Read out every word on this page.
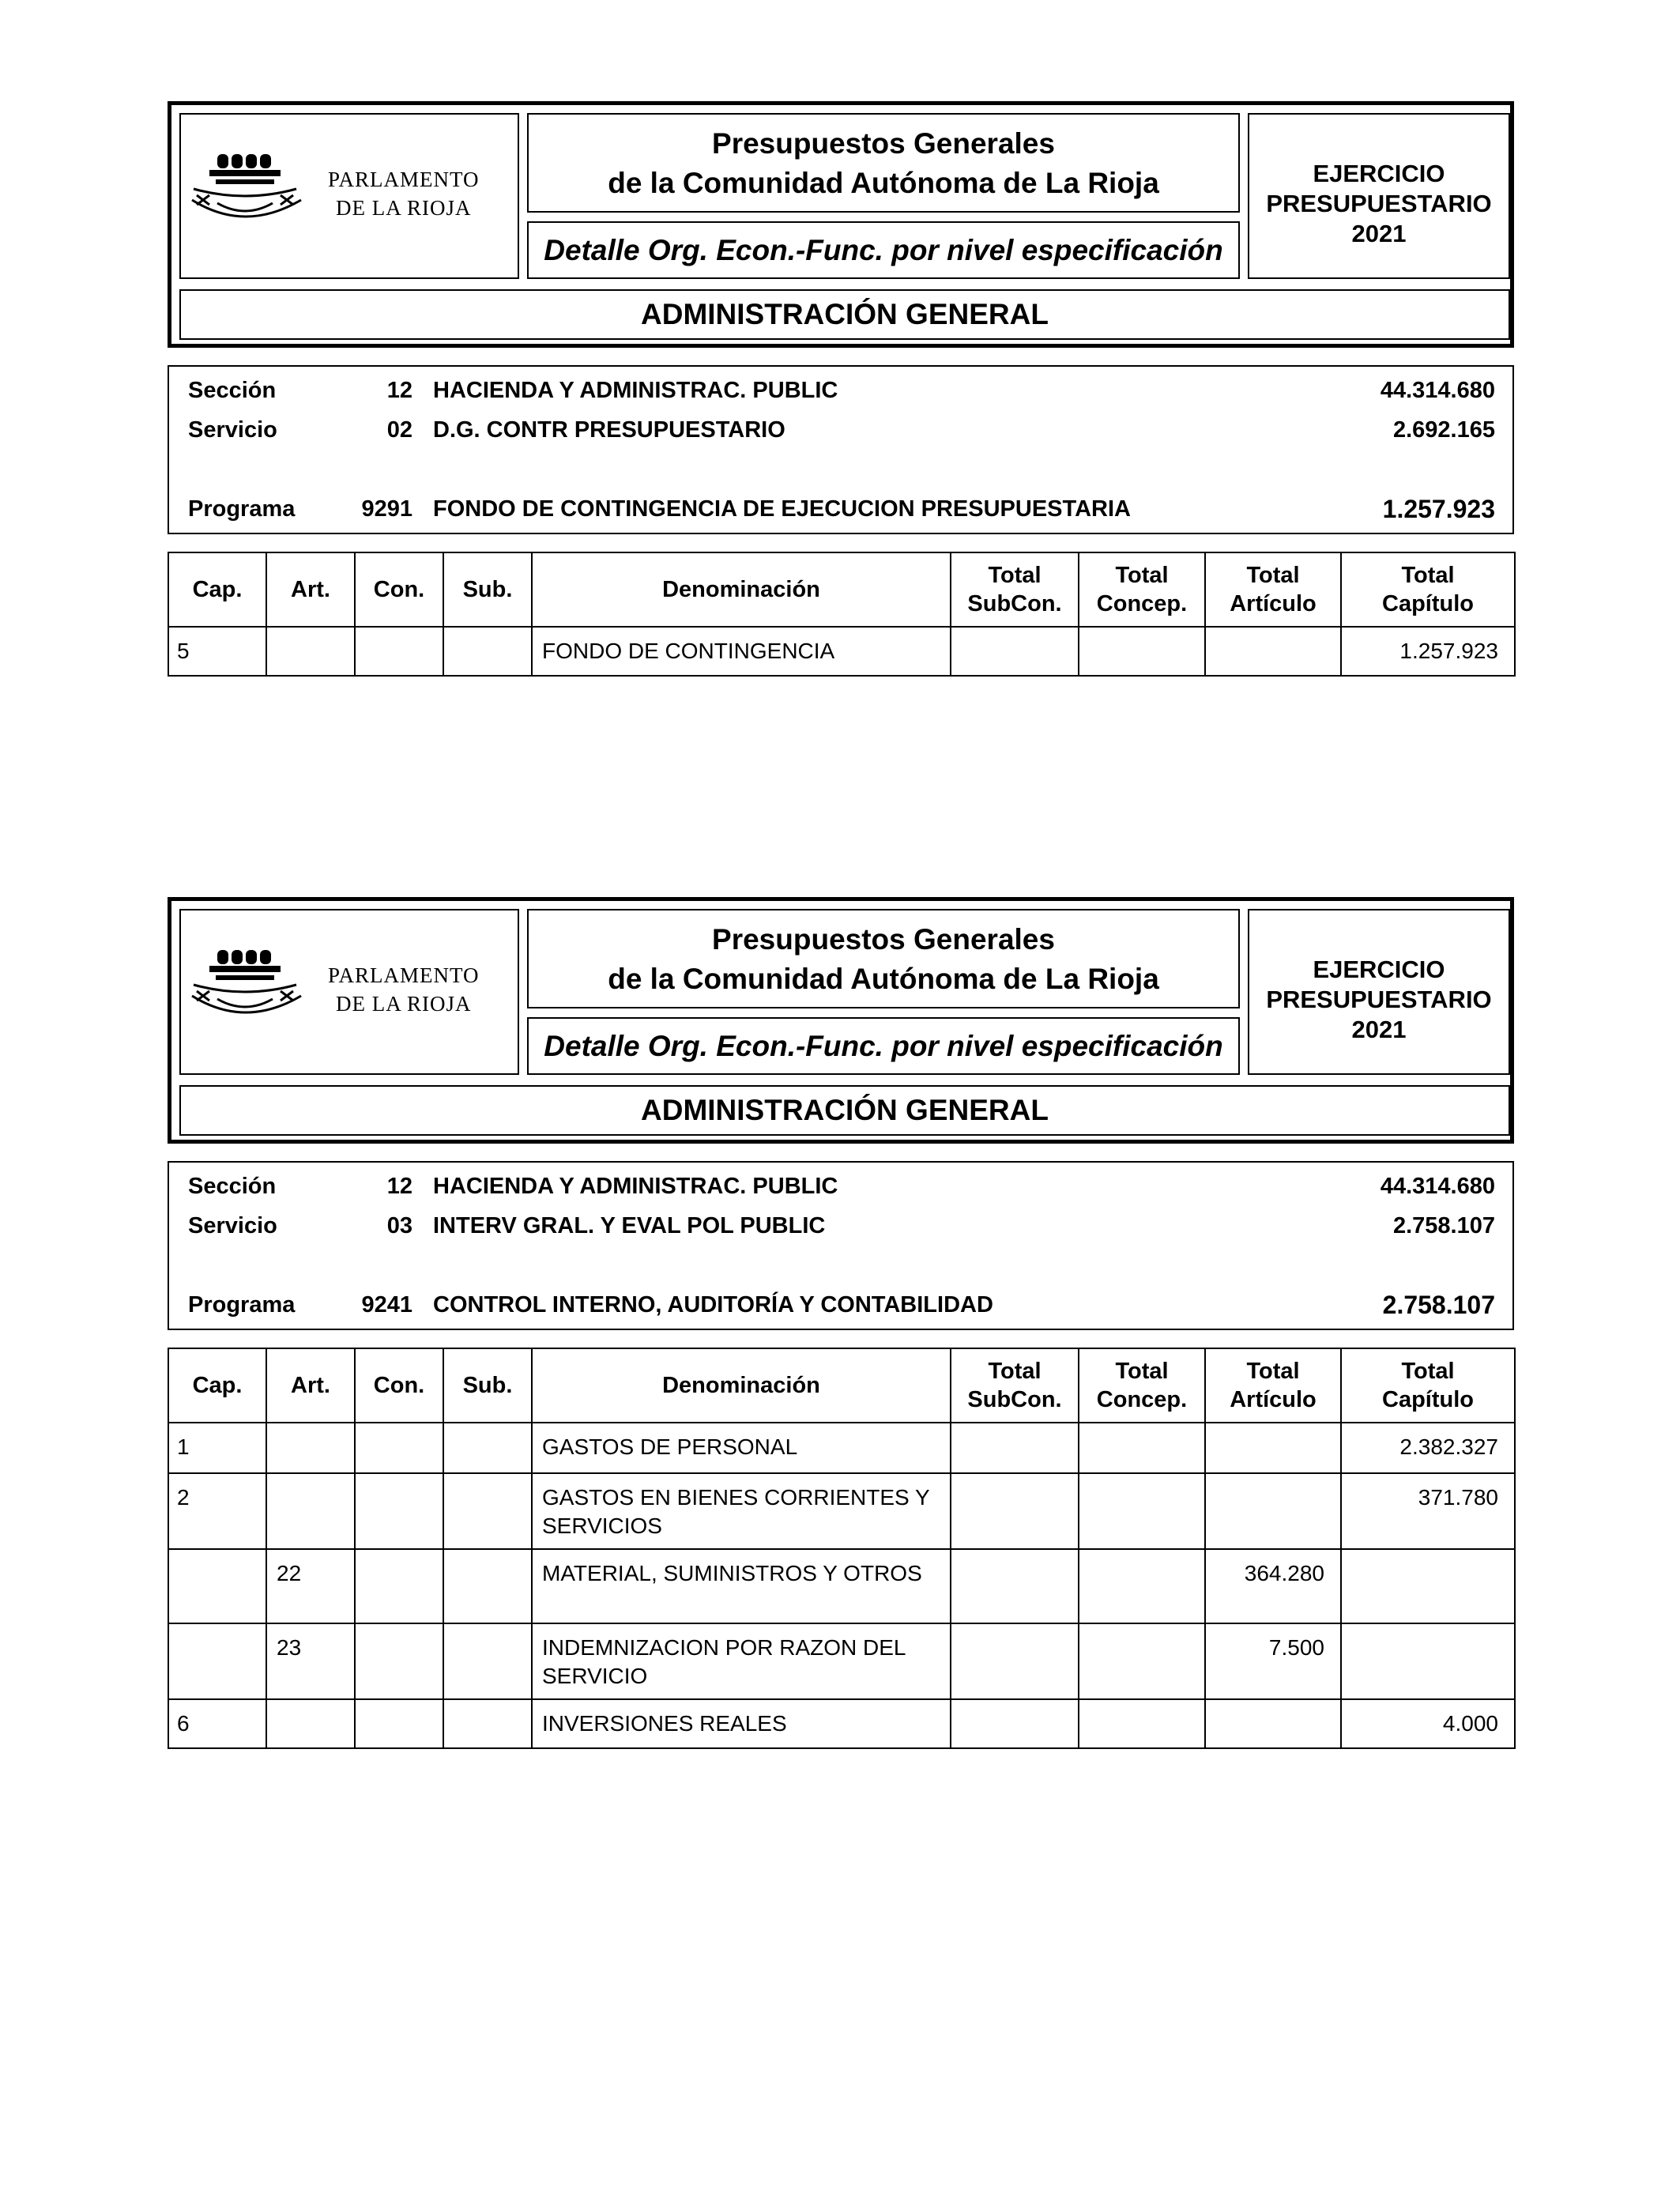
PARLAMENTO
DE LA RIOJA
Presupuestos Generales
de la Comunidad Autónoma de La Rioja
Detalle Org. Econ.-Func. por nivel especificación
EJERCICIO
PRESUPUESTARIO
2021
ADMINISTRACIÓN GENERAL
Sección	12 HACIENDA Y ADMINISTRAC. PUBLIC	44.314.680
Servicio	02 D.G. CONTR PRESUPUESTARIO	2.692.165
Programa	9291 FONDO DE CONTINGENCIA DE EJECUCION PRESUPUESTARIA	1.257.923
Cap.	Art.	Con.	Sub.	Denominación	Total SubCon.	Total Concep.	Total Artículo	Total Capítulo
5				FONDO DE CONTINGENCIA				1.257.923
PARLAMENTO
DE LA RIOJA
Presupuestos Generales
de la Comunidad Autónoma de La Rioja
Detalle Org. Econ.-Func. por nivel especificación
EJERCICIO
PRESUPUESTARIO
2021
ADMINISTRACIÓN GENERAL
Sección	12 HACIENDA Y ADMINISTRAC. PUBLIC	44.314.680
Servicio	03 INTERV GRAL. Y EVAL POL PUBLIC	2.758.107
Programa	9241 CONTROL INTERNO, AUDITORÍA Y CONTABILIDAD	2.758.107
Cap.	Art.	Con.	Sub.	Denominación	Total SubCon.	Total Concep.	Total Artículo	Total Capítulo
1				GASTOS DE PERSONAL				2.382.327
2				GASTOS EN BIENES CORRIENTES Y SERVICIOS				371.780
	22			MATERIAL, SUMINISTROS Y OTROS			364.280	
	23			INDEMNIZACION POR RAZON DEL SERVICIO			7.500	
6				INVERSIONES REALES				4.000
